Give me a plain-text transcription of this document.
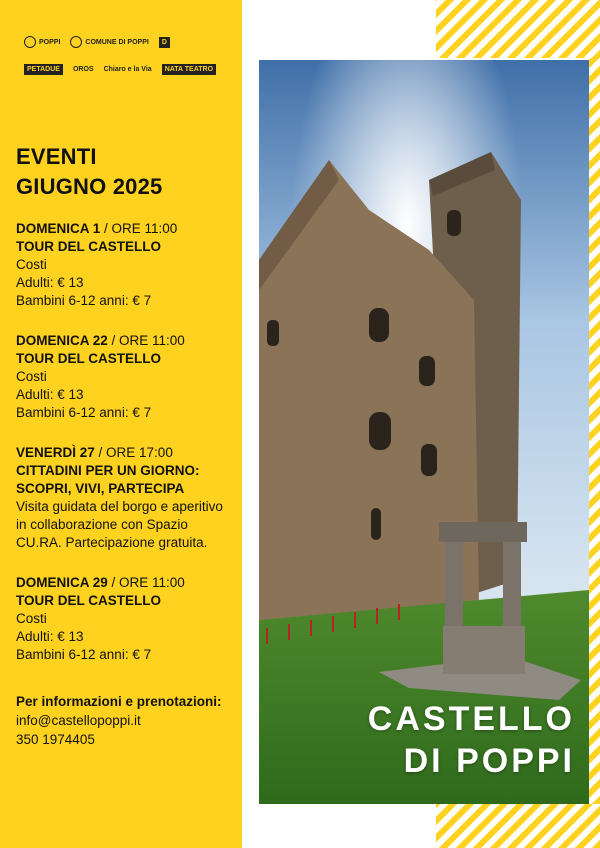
POPPI	COMUNE DI POPPI	D
PETADUE	OROS Chiaro e la Via	NATA TEATRO
EVENTI
GIUGNO 2025
DOMENICA 1 / ORE 11:00
TOUR DEL CASTELLO
Costi
Adulti: € 13
Bambini 6-12 anni: € 7
DOMENICA 22 / ORE 11:00
TOUR DEL CASTELLO
Costi
Adulti: € 13
Bambini 6-12 anni: € 7
VENERDÌ 27 / ORE 17:00
CITTADINI PER UN GIORNO: SCOPRI, VIVI, PARTECIPA
Visita guidata del borgo e aperitivo in collaborazione con Spazio CU.RA. Partecipazione gratuita.
DOMENICA 29 / ORE 11:00
TOUR DEL CASTELLO
Costi
Adulti: € 13
Bambini 6-12 anni: € 7
Per informazioni e prenotazioni:
info@castellopoppi.it
350 1974405
CASTELLO
DI POPPI
